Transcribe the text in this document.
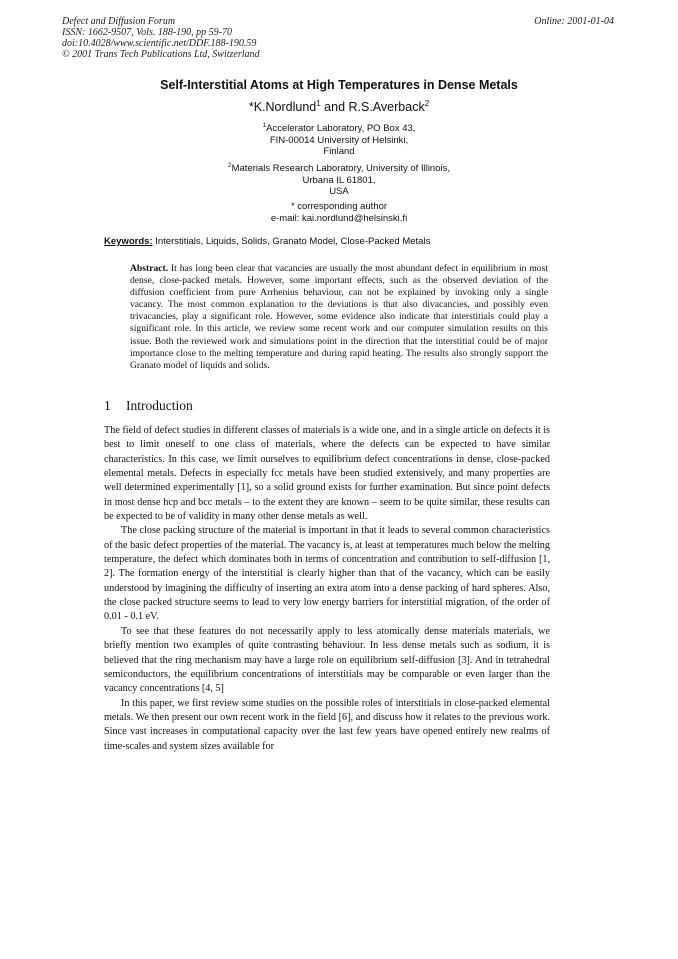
Defect and Diffusion Forum
ISSN: 1662-9507, Vols. 188-190, pp 59-70
doi:10.4028/www.scientific.net/DDF.188-190.59
© 2001 Trans Tech Publications Ltd, Switzerland
Online: 2001-01-04
Self-Interstitial Atoms at High Temperatures in Dense Metals
*K.Nordlund$^1$ and R.S.Averback$^2$
$^1$Accelerator Laboratory, PO Box 43,
FIN-00014 University of Helsinki,
Finland
$^2$Materials Research Laboratory, University of Illinois,
Urbana IL 61801,
USA
* corresponding author
e-mail: kai.nordlund@helsinski.fi
Keywords: Interstitials, Liquids, Solids, Granato Model, Close-Packed Metals
Abstract. It has long been clear that vacancies are usually the most abundant defect in equilibrium in most dense, close-packed metals. However, some important effects, such as the observed deviation of the diffusion coefficient from pure Arrhenius behaviour, can not be explained by invoking only a single vacancy. The most common explanation to the deviations is that also divacancies, and possibly even trivacancies, play a significant role. However, some evidence also indicate that interstitials could play a significant role. In this article, we review some recent work and our computer simulation results on this issue. Both the reviewed work and simulations point in the direction that the interstitial could be of major importance close to the melting temperature and during rapid heating. The results also strongly support the Granato model of liquids and solids.
1 Introduction

The field of defect studies in different classes of materials is a wide one, and in a single article on defects it is best to limit oneself to one class of materials, where the defects can be expected to have similar characteristics. In this case, we limit ourselves to equilibrium defect concentrations in dense, close-packed elemental metals. Defects in especially fcc metals have been studied extensively, and many properties are well determined experimentally [1], so a solid ground exists for further examination. But since point defects in most dense hcp and bcc metals – to the extent they are known – seem to be quite similar, these results can be expected to be of validity in many other dense metals as well.

The close packing structure of the material is important in that it leads to several common characteristics of the basic defect properties of the material. The vacancy is, at least at temperatures much below the melting temperature, the defect which dominates both in terms of concentration and contribution to self-diffusion [1, 2]. The formation energy of the interstitial is clearly higher than that of the vacancy, which can be easily understood by imagining the difficulty of inserting an extra atom into a dense packing of hard spheres. Also, the close packed structure seems to lead to very low energy barriers for interstitial migration, of the order of 0.01 - 0.1 eV.

To see that these features do not necessarily apply to less atomically dense materials materials, we briefly mention two examples of quite contrasting behaviour. In less dense metals such as sodium, it is believed that the ring mechanism may have a large role on equilibrium self-diffusion [3]. And in tetrahedral semiconductors, the equilibrium concentrations of interstitials may be comparable or even larger than the vacancy concentrations [4, 5]

In this paper, we first review some studies on the possible roles of interstitials in close-packed elemental metals. We then present our own recent work in the field [6], and discuss how it relates to the previous work. Since vast increases in computational capacity over the last few years have opened entirely new realms of time-scales and system sizes available for
